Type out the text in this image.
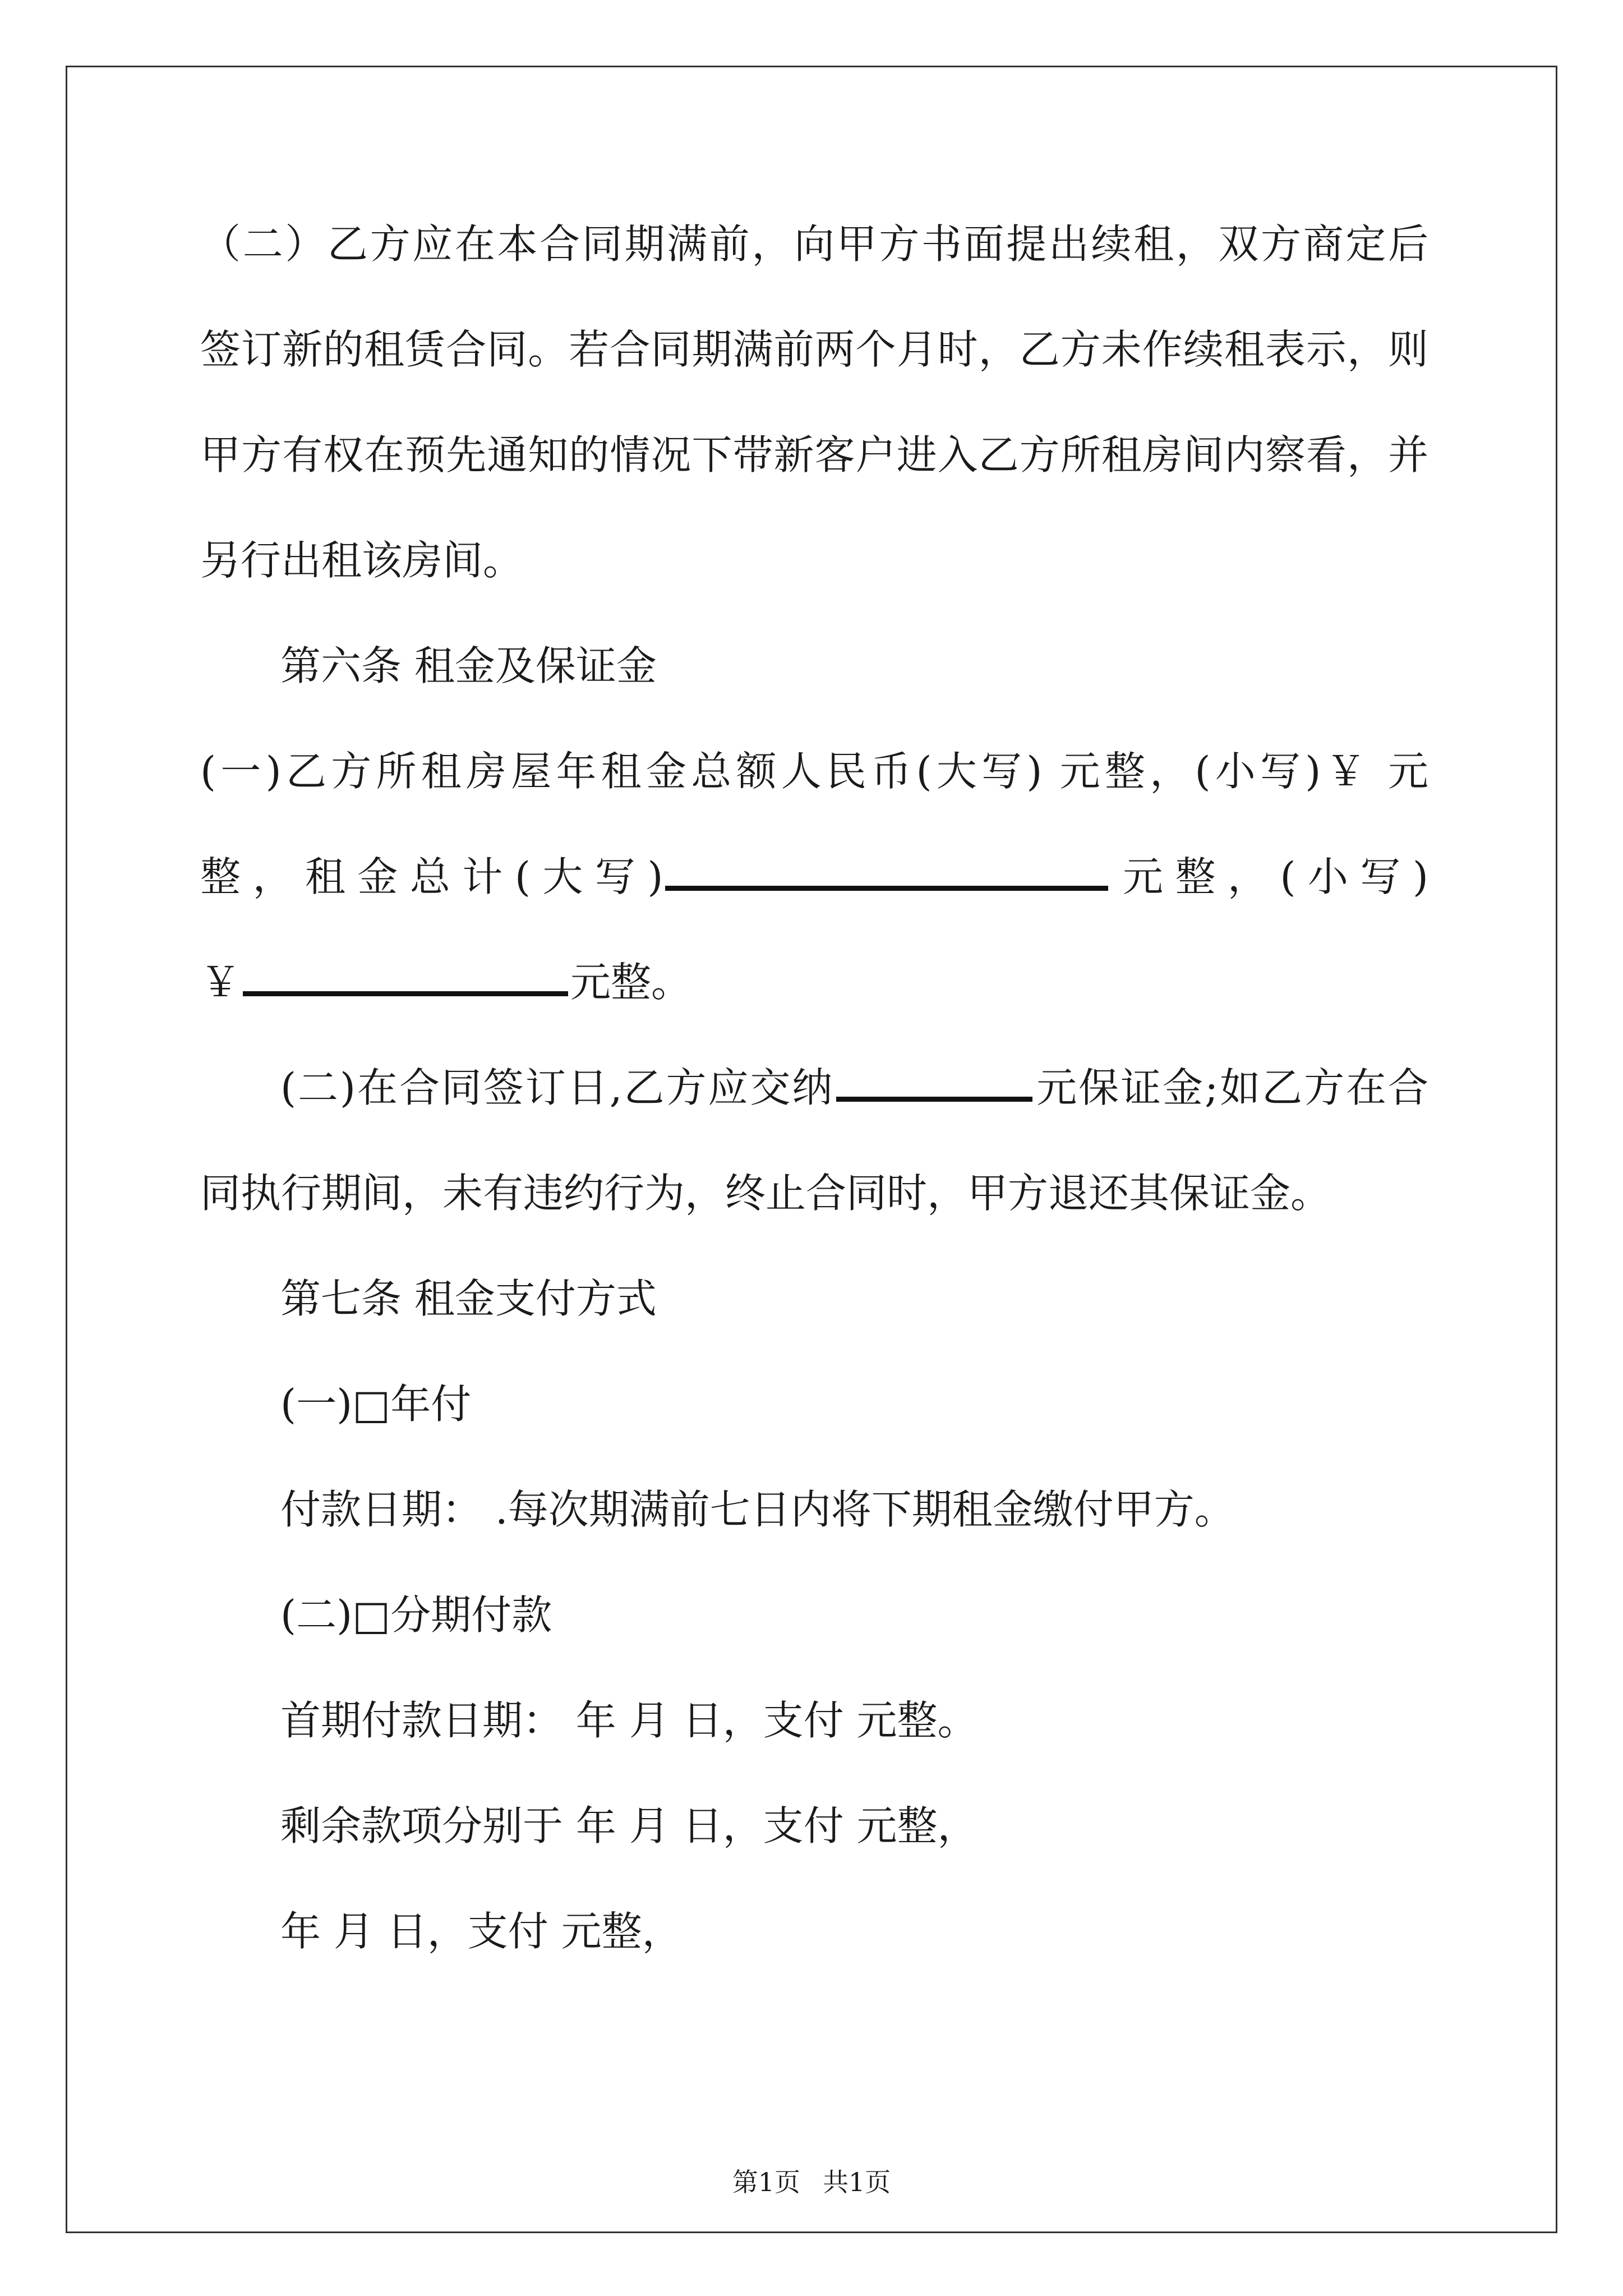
（二）乙方应在本合同期满前，向甲方书面提出续租，双方商定后
签订新的租赁合同。若合同期满前两个月时，乙方未作续租表示，则
甲方有权在预先通知的情况下带新客户进入乙方所租房间内察看，并
另行出租该房间。
第六条 租金及保证金
(一)乙方所租房屋年租金总额人民币(大写) 元整，(小写)￥ 元
整，租金总计(大写)	元整，(小写)
￥	元整。
(二)在合同签订日,乙方应交纳	元保证金;如乙方在合
同执行期间，未有违约行为，终止合同时，甲方退还其保证金。
第七条 租金支付方式
(一)□年付
付款日期： .每次期满前七日内将下期租金缴付甲方。
(二)□分期付款
首期付款日期： 年 月 日，支付 元整。
剩余款项分别于 年 月 日，支付 元整，
年 月 日，支付 元整，
第1页 共1页
